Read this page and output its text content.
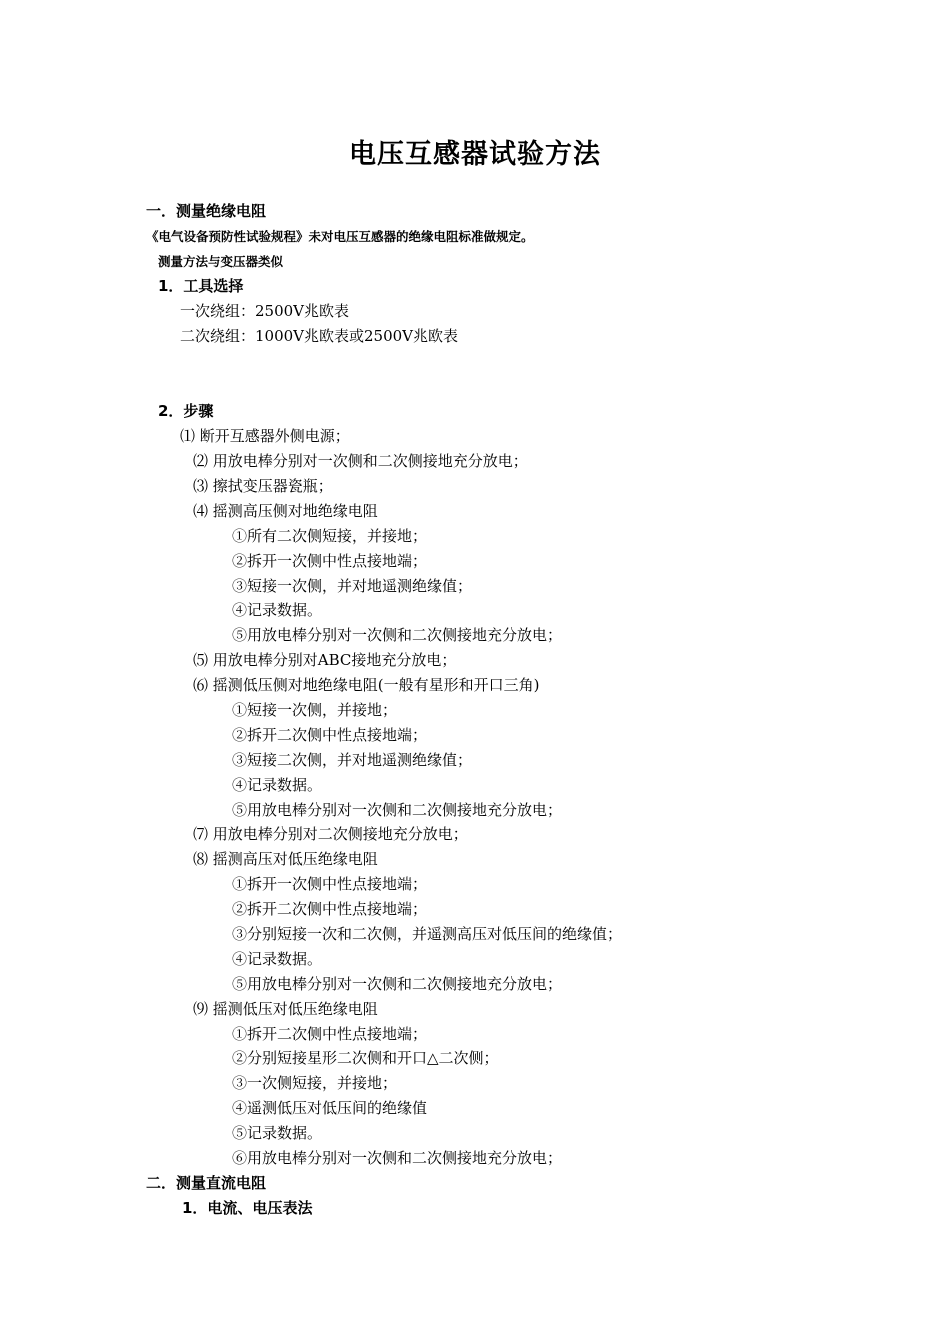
电压互感器试验方法
一．测量绝缘电阻
《电气设备预防性试验规程》未对电压互感器的绝缘电阻标准做规定。
测量方法与变压器类似
1．工具选择
一次绕组：2500V兆欧表
二次绕组：1000V兆欧表或2500V兆欧表
2．步骤
⑴ 断开互感器外侧电源；
⑵ 用放电棒分别对一次侧和二次侧接地充分放电；
⑶ 擦拭变压器瓷瓶；
⑷ 摇测高压侧对地绝缘电阻
①所有二次侧短接，并接地；
②拆开一次侧中性点接地端；
③短接一次侧，并对地遥测绝缘值；
④记录数据。
⑤用放电棒分别对一次侧和二次侧接地充分放电；
⑸ 用放电棒分别对ABC接地充分放电；
⑹ 摇测低压侧对地绝缘电阻(一般有星形和开口三角)
①短接一次侧，并接地；
②拆开二次侧中性点接地端；
③短接二次侧，并对地遥测绝缘值；
④记录数据。
⑤用放电棒分别对一次侧和二次侧接地充分放电；
⑺ 用放电棒分别对二次侧接地充分放电；
⑻ 摇测高压对低压绝缘电阻
①拆开一次侧中性点接地端；
②拆开二次侧中性点接地端；
③分别短接一次和二次侧，并遥测高压对低压间的绝缘值；
④记录数据。
⑤用放电棒分别对一次侧和二次侧接地充分放电；
⑼ 摇测低压对低压绝缘电阻
①拆开二次侧中性点接地端；
②分别短接星形二次侧和开口△二次侧；
③一次侧短接，并接地；
④遥测低压对低压间的绝缘值
⑤记录数据。
⑥用放电棒分别对一次侧和二次侧接地充分放电；
二．测量直流电阻
1．电流、电压表法
